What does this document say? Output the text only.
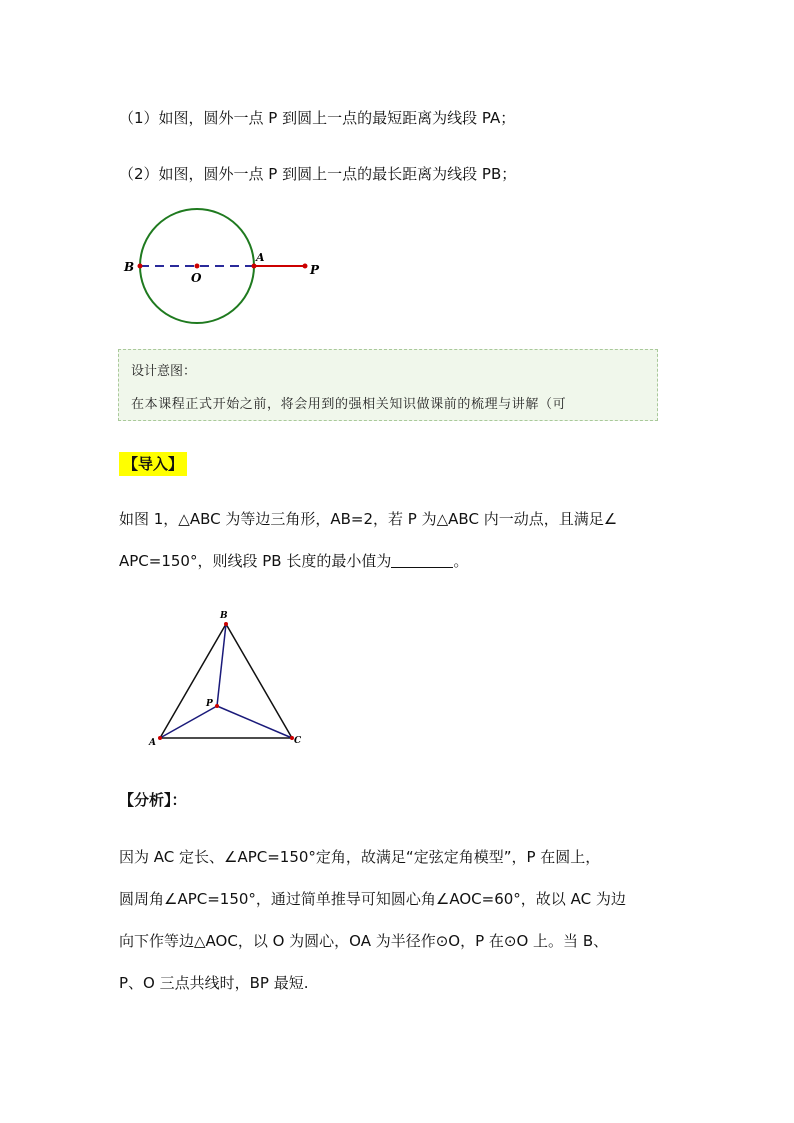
（1）如图，圆外一点 P 到圆上一点的最短距离为线段 PA；
（2）如图，圆外一点 P 到圆上一点的最长距离为线段 PB；
B
O
A
P
设计意图：
在本课程正式开始之前，将会用到的强相关知识做课前的梳理与讲解（可
【导入】
如图 1，△ABC 为等边三角形，AB=2，若 P 为△ABC 内一动点，且满足∠
APC=150°，则线段 PB 长度的最小值为	。
B
P
A	C
【分析】：
因为 AC 定长、∠APC=150°定角，故满足“定弦定角模型”，P 在圆上，
圆周角∠APC=150°，通过简单推导可知圆心角∠AOC=60°，故以 AC 为边
向下作等边△AOC，以 O 为圆心，OA 为半径作⊙O，P 在⊙O 上。当 B、
P、O 三点共线时，BP 最短.
